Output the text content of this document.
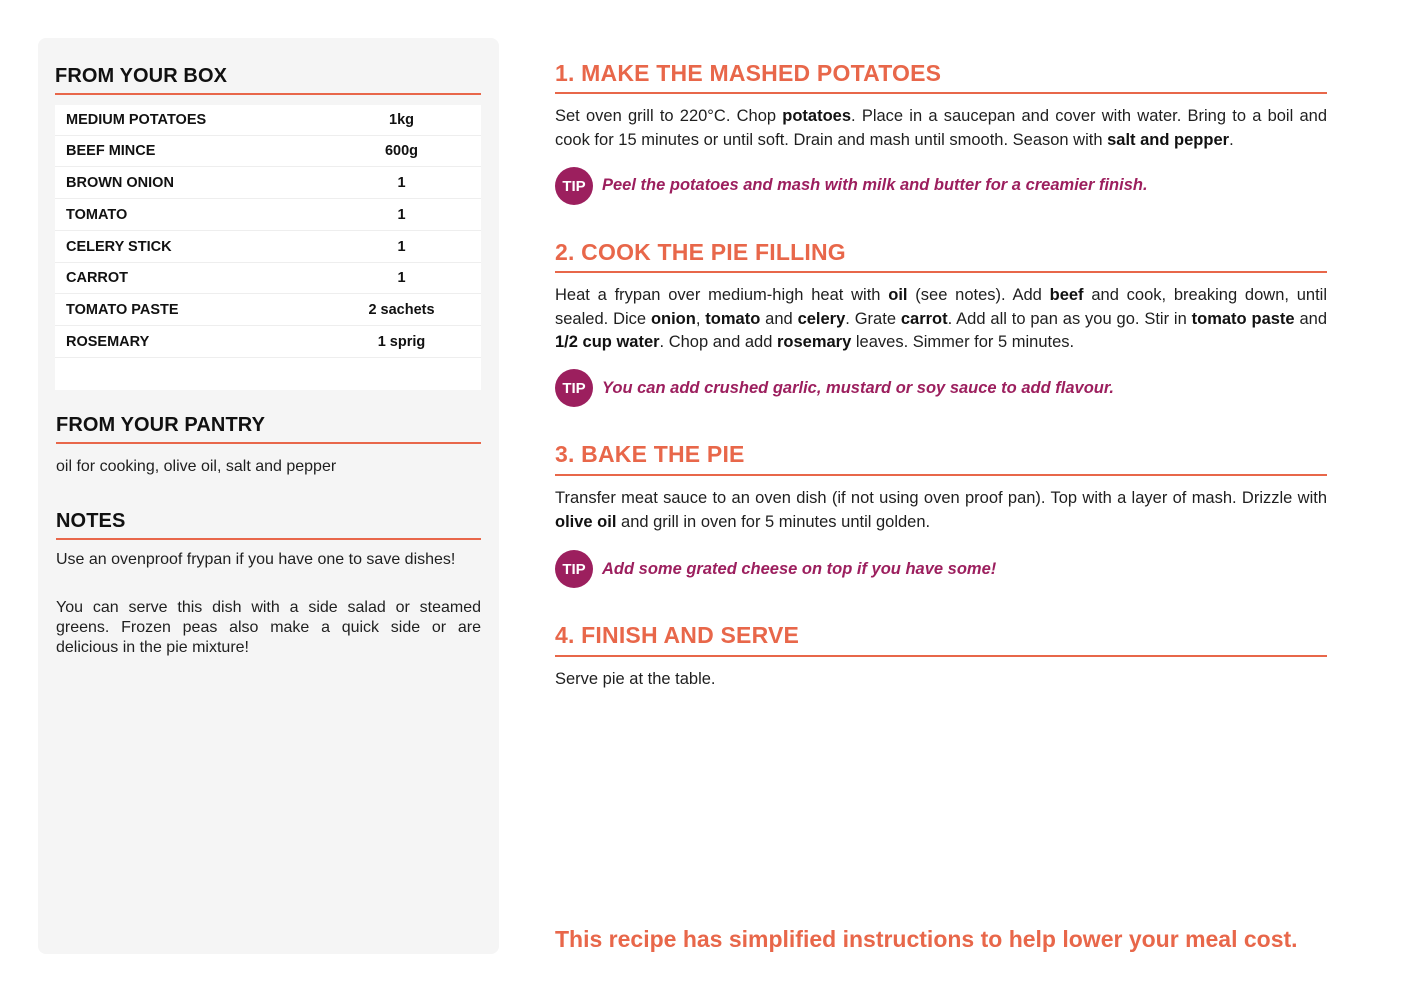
FROM YOUR BOX
MEDIUM POTATOES	1kg
BEEF MINCE	600g
BROWN ONION	1
TOMATO	1
CELERY STICK	1
CARROT	1
TOMATO PASTE	2 sachets
ROSEMARY	1 sprig
FROM YOUR PANTRY
oil for cooking, olive oil, salt and pepper
NOTES
Use an ovenproof frypan if you have one to save dishes!
You can serve this dish with a side salad or steamed greens. Frozen peas also make a quick side or are delicious in the pie mixture!
1. MAKE THE MASHED POTATOES
Set oven grill to 220°C. Chop potatoes. Place in a saucepan and cover with water. Bring to a boil and cook for 15 minutes or until soft. Drain and mash until smooth. Season with salt and pepper.
TIP Peel the potatoes and mash with milk and butter for a creamier finish.
2. COOK THE PIE FILLING
Heat a frypan over medium-high heat with oil (see notes). Add beef and cook, breaking down, until sealed. Dice onion, tomato and celery. Grate carrot. Add all to pan as you go. Stir in tomato paste and 1/2 cup water. Chop and add rosemary leaves. Simmer for 5 minutes.
TIP You can add crushed garlic, mustard or soy sauce to add flavour.
3. BAKE THE PIE
Transfer meat sauce to an oven dish (if not using oven proof pan). Top with a layer of mash. Drizzle with olive oil and grill in oven for 5 minutes until golden.
TIP Add some grated cheese on top if you have some!
4. FINISH AND SERVE
Serve pie at the table.
This recipe has simplified instructions to help lower your meal cost.
